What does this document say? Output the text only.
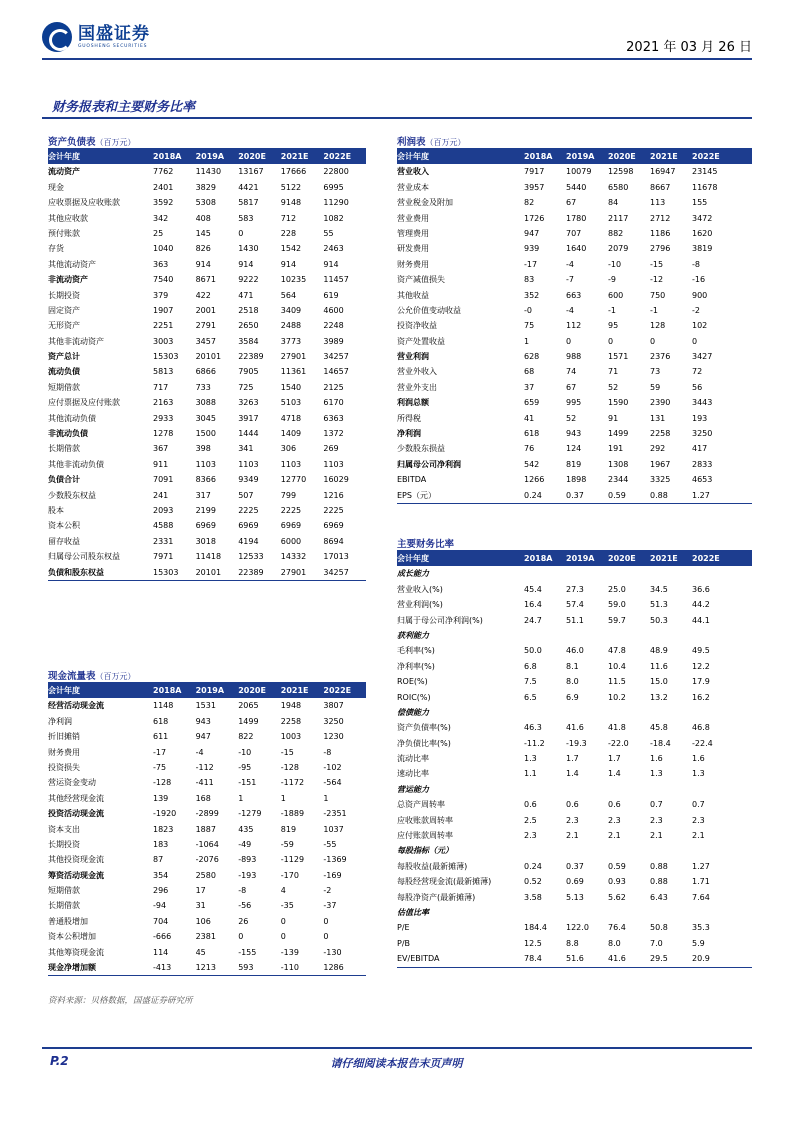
国盛证券
GUOSHENG SECURITIES	2021 年 03 月 26 日
财务报表和主要财务比率
资产负债表（百万元）
会计年度	2018A	2019A	2020E	2021E	2022E
流动资产	7762	11430	13167	17666	22800
现金	2401	3829	4421	5122	6995
应收票据及应收账款	3592	5308	5817	9148	11290
其他应收款	342	408	583	712	1082
预付账款	25	145	0	228	55
存货	1040	826	1430	1542	2463
其他流动资产	363	914	914	914	914
非流动资产	7540	8671	9222	10235	11457
长期投资	379	422	471	564	619
固定资产	1907	2001	2518	3409	4600
无形资产	2251	2791	2650	2488	2248
其他非流动资产	3003	3457	3584	3773	3989
资产总计	15303	20101	22389	27901	34257
流动负债	5813	6866	7905	11361	14657
短期借款	717	733	725	1540	2125
应付票据及应付账款	2163	3088	3263	5103	6170
其他流动负债	2933	3045	3917	4718	6363
非流动负债	1278	1500	1444	1409	1372
长期借款	367	398	341	306	269
其他非流动负债	911	1103	1103	1103	1103
负债合计	7091	8366	9349	12770	16029
少数股东权益	241	317	507	799	1216
股本	2093	2199	2225	2225	2225
资本公积	4588	6969	6969	6969	6969
留存收益	2331	3018	4194	6000	8694
归属母公司股东权益	7971	11418	12533	14332	17013
负债和股东权益	15303	20101	22389	27901	34257
现金流量表（百万元）
会计年度	2018A	2019A	2020E	2021E	2022E
经营活动现金流	1148	1531	2065	1948	3807
净利润	618	943	1499	2258	3250
折旧摊销	611	947	822	1003	1230
财务费用	-17	-4	-10	-15	-8
投资损失	-75	-112	-95	-128	-102
营运资金变动	-128	-411	-151	-1172	-564
其他经营现金流	139	168	1	1	1
投资活动现金流	-1920	-2899	-1279	-1889	-2351
资本支出	1823	1887	435	819	1037
长期投资	183	-1064	-49	-59	-55
其他投资现金流	87	-2076	-893	-1129	-1369
筹资活动现金流	354	2580	-193	-170	-169
短期借款	296	17	-8	4	-2
长期借款	-94	31	-56	-35	-37
普通股增加	704	106	26	0	0
资本公积增加	-666	2381	0	0	0
其他筹资现金流	114	45	-155	-139	-130
现金净增加额	-413	1213	593	-110	1286
利润表（百万元）
会计年度	2018A	2019A	2020E	2021E	2022E
营业收入	7917	10079	12598	16947	23145
营业成本	3957	5440	6580	8667	11678
营业税金及附加	82	67	84	113	155
营业费用	1726	1780	2117	2712	3472
管理费用	947	707	882	1186	1620
研发费用	939	1640	2079	2796	3819
财务费用	-17	-4	-10	-15	-8
资产减值损失	83	-7	-9	-12	-16
其他收益	352	663	600	750	900
公允价值变动收益	-0	-4	-1	-1	-2
投资净收益	75	112	95	128	102
资产处置收益	1	0	0	0	0
营业利润	628	988	1571	2376	3427
营业外收入	68	74	71	73	72
营业外支出	37	67	52	59	56
利润总额	659	995	1590	2390	3443
所得税	41	52	91	131	193
净利润	618	943	1499	2258	3250
少数股东损益	76	124	191	292	417
归属母公司净利润	542	819	1308	1967	2833
EBITDA	1266	1898	2344	3325	4653
EPS（元）	0.24	0.37	0.59	0.88	1.27
主要财务比率
会计年度	2018A	2019A	2020E	2021E	2022E
成长能力
营业收入(%)	45.4	27.3	25.0	34.5	36.6
营业利润(%)	16.4	57.4	59.0	51.3	44.2
归属于母公司净利润(%)	24.7	51.1	59.7	50.3	44.1
获利能力
毛利率(%)	50.0	46.0	47.8	48.9	49.5
净利率(%)	6.8	8.1	10.4	11.6	12.2
ROE(%)	7.5	8.0	11.5	15.0	17.9
ROIC(%)	6.5	6.9	10.2	13.2	16.2
偿债能力
资产负债率(%)	46.3	41.6	41.8	45.8	46.8
净负债比率(%)	-11.2	-19.3	-22.0	-18.4	-22.4
流动比率	1.3	1.7	1.7	1.6	1.6
速动比率	1.1	1.4	1.4	1.3	1.3
营运能力
总资产周转率	0.6	0.6	0.6	0.7	0.7
应收账款周转率	2.5	2.3	2.3	2.3	2.3
应付账款周转率	2.3	2.1	2.1	2.1	2.1
每股指标（元）
每股收益(最新摊薄)	0.24	0.37	0.59	0.88	1.27
每股经营现金流(最新摊薄)	0.52	0.69	0.93	0.88	1.71
每股净资产(最新摊薄)	3.58	5.13	5.62	6.43	7.64
估值比率
P/E	184.4	122.0	76.4	50.8	35.3
P/B	12.5	8.8	8.0	7.0	5.9
EV/EBITDA	78.4	51.6	41.6	29.5	20.9
资料来源：贝格数据，国盛证券研究所
P.2	请仔细阅读本报告末页声明
